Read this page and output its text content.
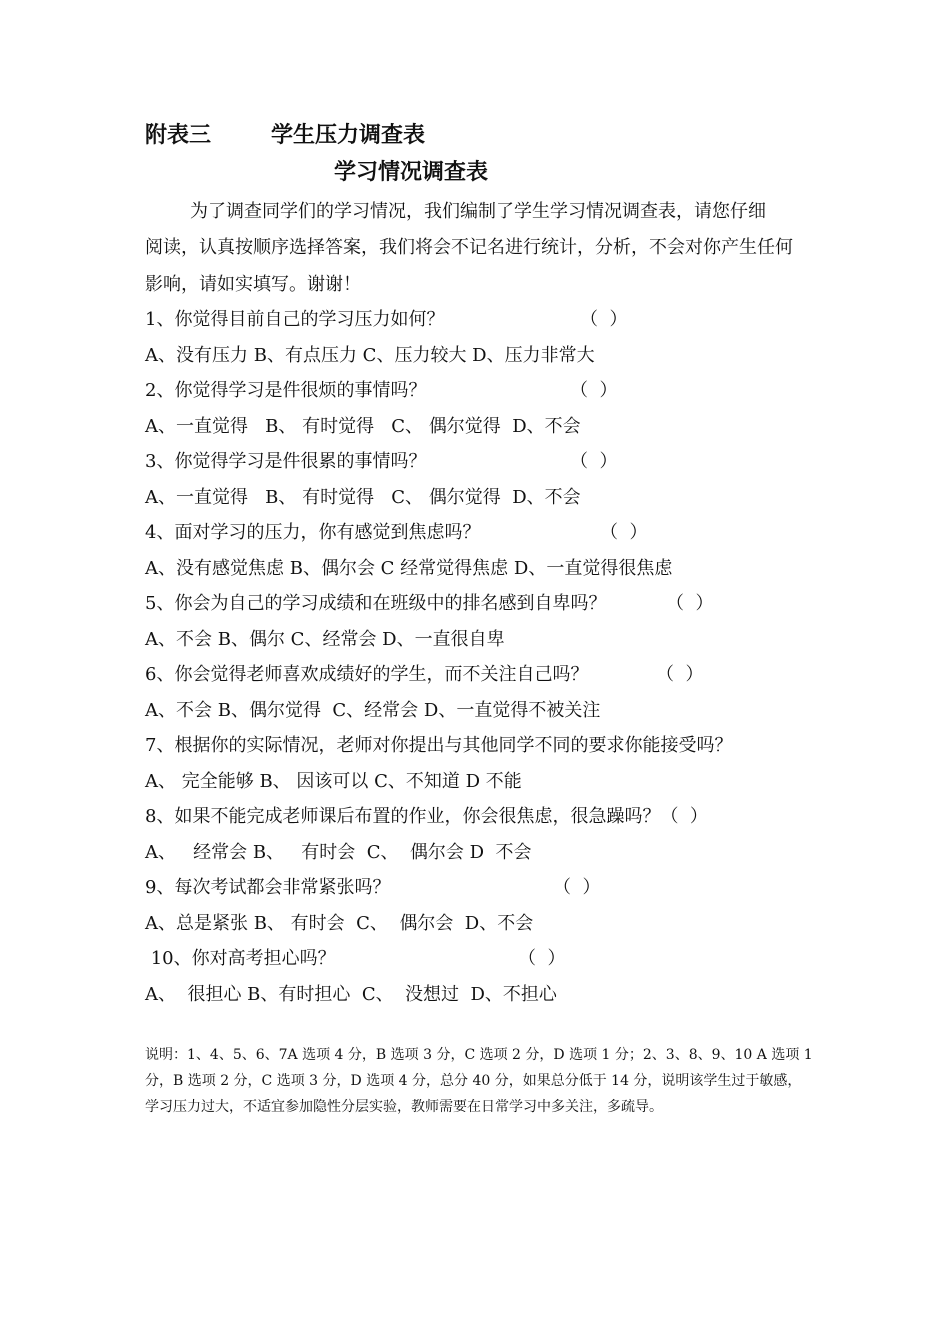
附表三	学生压力调查表
学习情况调查表
为了调查同学们的学习情况，我们编制了学生学习情况调查表，请您仔细
阅读，认真按顺序选择答案，我们将会不记名进行统计，分析，不会对你产生任何
影响，请如实填写。谢谢！
1、你觉得目前自己的学习压力如何？	（  ）
A、没有压力 B、有点压力 C、压力较大 D、压力非常大
2、你觉得学习是件很烦的事情吗？	（  ）
A、一直觉得   B、 有时觉得   C、 偶尔觉得  D、不会
3、你觉得学习是件很累的事情吗？	（  ）
A、一直觉得   B、 有时觉得   C、 偶尔觉得  D、不会
4、面对学习的压力，你有感觉到焦虑吗？	（  ）
A、没有感觉焦虑 B、偶尔会 C 经常觉得焦虑 D、一直觉得很焦虑
5、你会为自己的学习成绩和在班级中的排名感到自卑吗？	（  ）
A、不会 B、偶尔 C、经常会 D、一直很自卑
6、你会觉得老师喜欢成绩好的学生，而不关注自己吗？	（  ）
A、不会 B、偶尔觉得  C、经常会 D、一直觉得不被关注
7、根据你的实际情况，老师对你提出与其他同学不同的要求你能接受吗？
A、 完全能够 B、 因该可以 C、不知道 D 不能
8、如果不能完成老师课后布置的作业，你会很焦虑，很急躁吗？（  ）
A、   经常会 B、   有时会  C、  偶尔会 D  不会
9、每次考试都会非常紧张吗？	（  ）
A、总是紧张 B、 有时会  C、  偶尔会  D、不会
10、你对高考担心吗？	（  ）
A、  很担心 B、有时担心  C、  没想过  D、不担心
说明：1、4、5、6、7A 选项 4 分，B 选项 3 分，C 选项 2 分，D 选项 1 分；2、3、8、9、10 A 选项 1 分，B 选项 2 分，C 选项 3 分，D 选项 4 分，总分 40 分，如果总分低于 14 分，说明该学生过于敏感，学习压力过大，不适宜参加隐性分层实验，教师需要在日常学习中多关注，多疏导。
